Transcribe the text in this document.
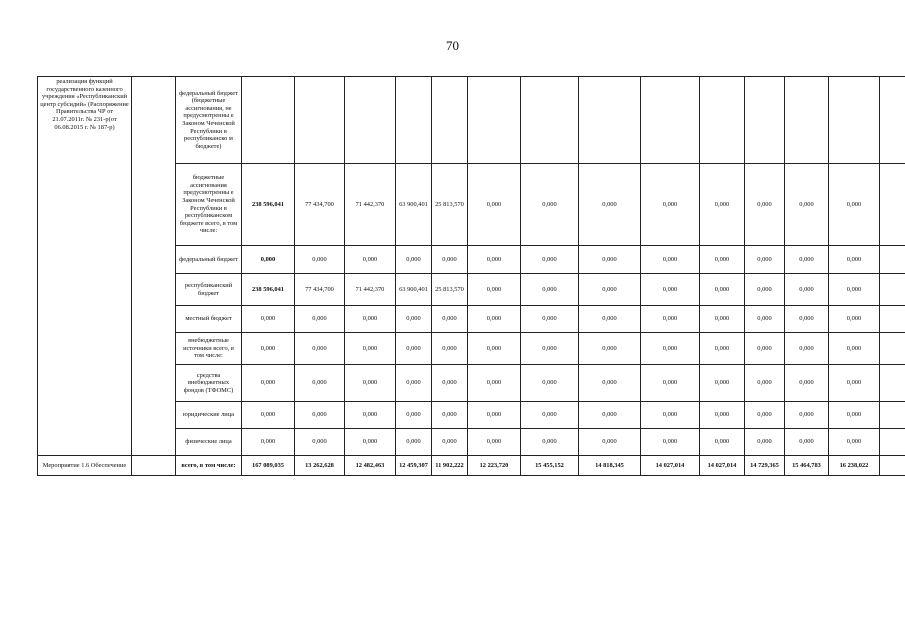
70
реализация функций государственного казенного учреждения «Республиканский центр субсидий» (Распоряжение Правительства ЧР от 21.07.2011г. № 231-р(от 06.08.2015 г. № 187-р)		федеральный бюджет (бюджетные ассигнования, не предусмотренны е Законом Чеченской Республики в республиканско м бюджете)														
		бюджетные ассигнования предусмотренны е Законом Чеченской Республики в республиканском бюджете всего, в том числе:	238 596,041	77 434,700	71 442,370	63 900,401	25 813,570	0,000	0,000	0,000	0,000	0,000	0,000	0,000	0,000	
		федеральный бюджет	0,000	0,000	0,000	0,000	0,000	0,000	0,000	0,000	0,000	0,000	0,000	0,000	0,000	
		республиканский бюджет	238 596,041	77 434,700	71 442,370	63 900,401	25 813,570	0,000	0,000	0,000	0,000	0,000	0,000	0,000	0,000	
		местный бюджет	0,000	0,000	0,000	0,000	0,000	0,000	0,000	0,000	0,000	0,000	0,000	0,000	0,000	
		внебюджетные источники всего, в том числе:	0,000	0,000	0,000	0,000	0,000	0,000	0,000	0,000	0,000	0,000	0,000	0,000	0,000	
		средства внебюджетных фондов (ТФОМС)	0,000	0,000	0,000	0,000	0,000	0,000	0,000	0,000	0,000	0,000	0,000	0,000	0,000	
		юридические лица	0,000	0,000	0,000	0,000	0,000	0,000	0,000	0,000	0,000	0,000	0,000	0,000	0,000	
		физические лица	0,000	0,000	0,000	0,000	0,000	0,000	0,000	0,000	0,000	0,000	0,000	0,000	0,000	
Мероприятие 1.6 Обеспечение		всего, в том числе:	167 089,035	13 262,628	12 482,463	12 459,307	11 902,222	12 223,720	15 455,152	14 818,345	14 027,014	14 027,014	14 729,365	15 464,783	16 238,022	
